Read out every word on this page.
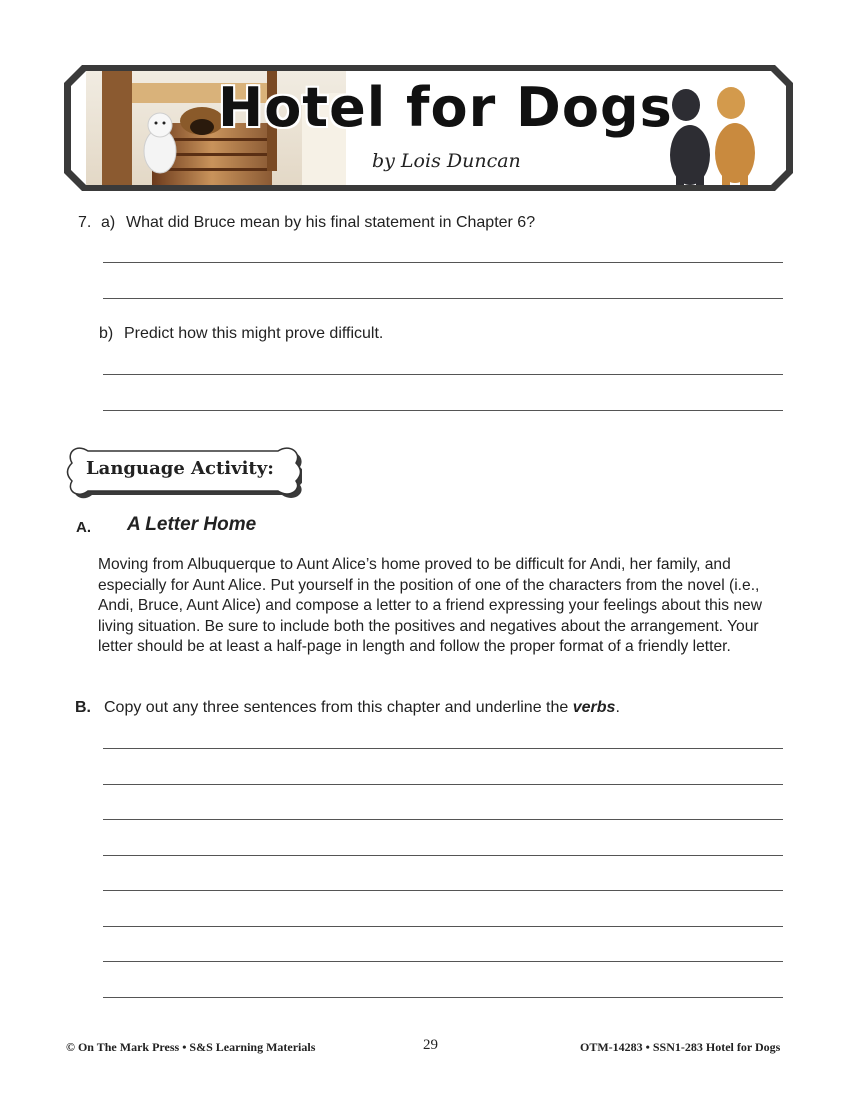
Hotel for Dogs
by Lois Duncan
7. a) What did Bruce mean by his final statement in Chapter 6?
b) Predict how this might prove difficult.
Language Activity:
A. A Letter Home
Moving from Albuquerque to Aunt Alice’s home proved to be difficult for Andi, her family, and especially for Aunt Alice. Put yourself in the position of one of the characters from the novel (i.e., Andi, Bruce, Aunt Alice) and compose a letter to a friend expressing your feelings about this new living situation. Be sure to include both the positives and negatives about the arrangement. Your letter should be at least a half-page in length and follow the proper format of a friendly letter.
B. Copy out any three sentences from this chapter and underline the verbs.
© On The Mark Press • S&S Learning Materials	29	OTM-14283 • SSN1-283 Hotel for Dogs
